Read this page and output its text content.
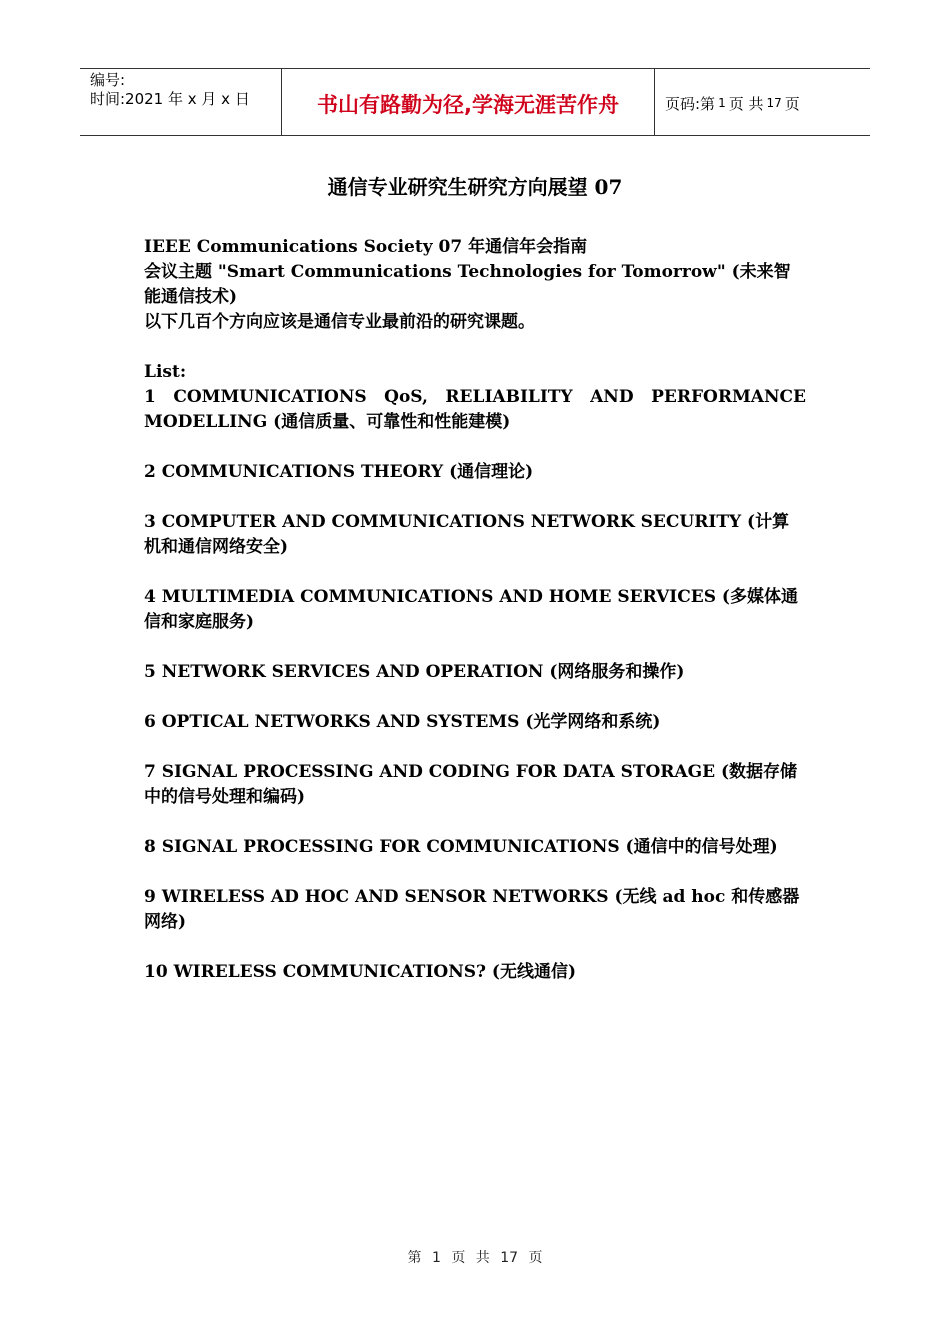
编号:
时间:2021 年 x 月 x 日	书山有路勤为径,学海无涯苦作舟	页码:第 1 页 共 17 页
通信专业研究生研究方向展望 07

IEEE Communications Society 07 年通信年会指南

会议主题 "Smart Communications Technologies for Tomorrow" (未来智能通信技术)

以下几百个方向应该是通信专业最前沿的研究课题。

List:

1 COMMUNICATIONS QoS, RELIABILITY AND PERFORMANCE MODELLING (通信质量、可靠性和性能建模)

2 COMMUNICATIONS THEORY (通信理论)

3 COMPUTER AND COMMUNICATIONS NETWORK SECURITY (计算机和通信网络安全)

4 MULTIMEDIA COMMUNICATIONS AND HOME SERVICES (多媒体通信和家庭服务)

5 NETWORK SERVICES AND OPERATION (网络服务和操作)

6 OPTICAL NETWORKS AND SYSTEMS (光学网络和系统)

7 SIGNAL PROCESSING AND CODING FOR DATA STORAGE (数据存储中的信号处理和编码)

8 SIGNAL PROCESSING FOR COMMUNICATIONS (通信中的信号处理)

9 WIRELESS AD HOC AND SENSOR NETWORKS (无线 ad hoc 和传感器网络)

10 WIRELESS COMMUNICATIONS? (无线通信)

第 1 页 共 17 页
